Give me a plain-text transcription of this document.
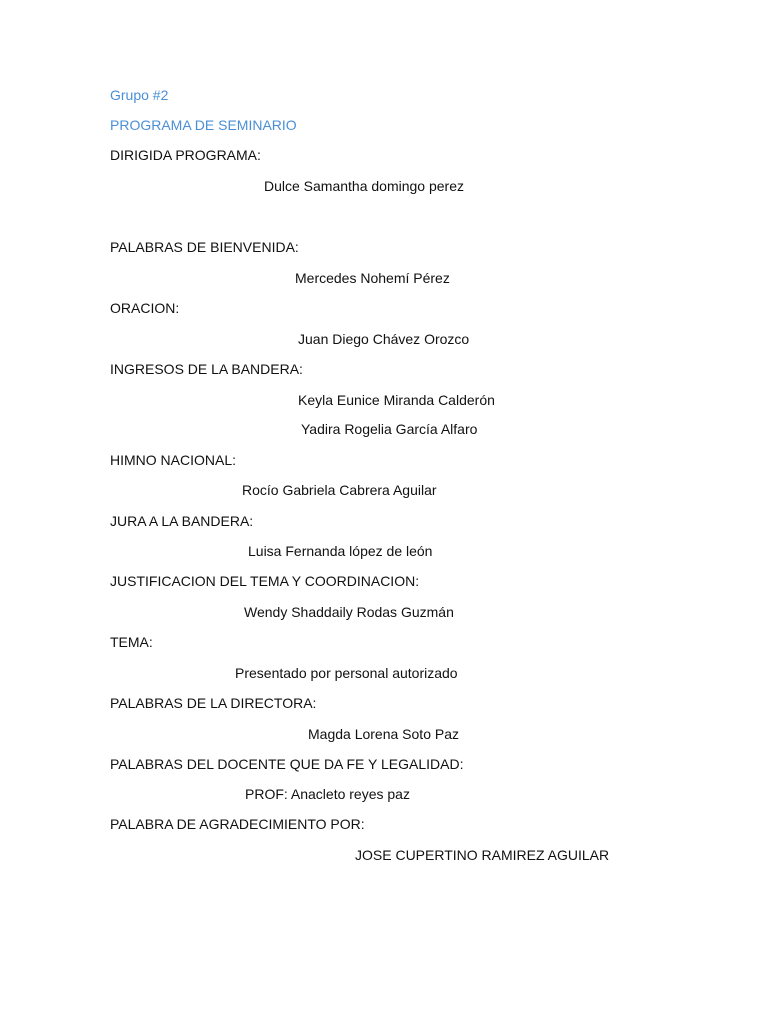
Grupo #2
PROGRAMA DE SEMINARIO
DIRIGIDA PROGRAMA:
Dulce Samantha domingo perez
PALABRAS DE BIENVENIDA:
Mercedes Nohemí Pérez
ORACION:
Juan Diego Chávez Orozco
INGRESOS DE LA BANDERA:
Keyla Eunice Miranda Calderón
Yadira Rogelia García Alfaro
HIMNO NACIONAL:
Rocío Gabriela Cabrera Aguilar
JURA A LA BANDERA:
Luisa Fernanda lópez de león
JUSTIFICACION DEL TEMA Y COORDINACION:
Wendy Shaddaily Rodas Guzmán
TEMA:
Presentado por personal autorizado
PALABRAS DE LA DIRECTORA:
Magda Lorena Soto Paz
PALABRAS DEL DOCENTE QUE DA FE Y LEGALIDAD:
PROF: Anacleto reyes paz
PALABRA DE AGRADECIMIENTO POR:
JOSE CUPERTINO RAMIREZ AGUILAR
